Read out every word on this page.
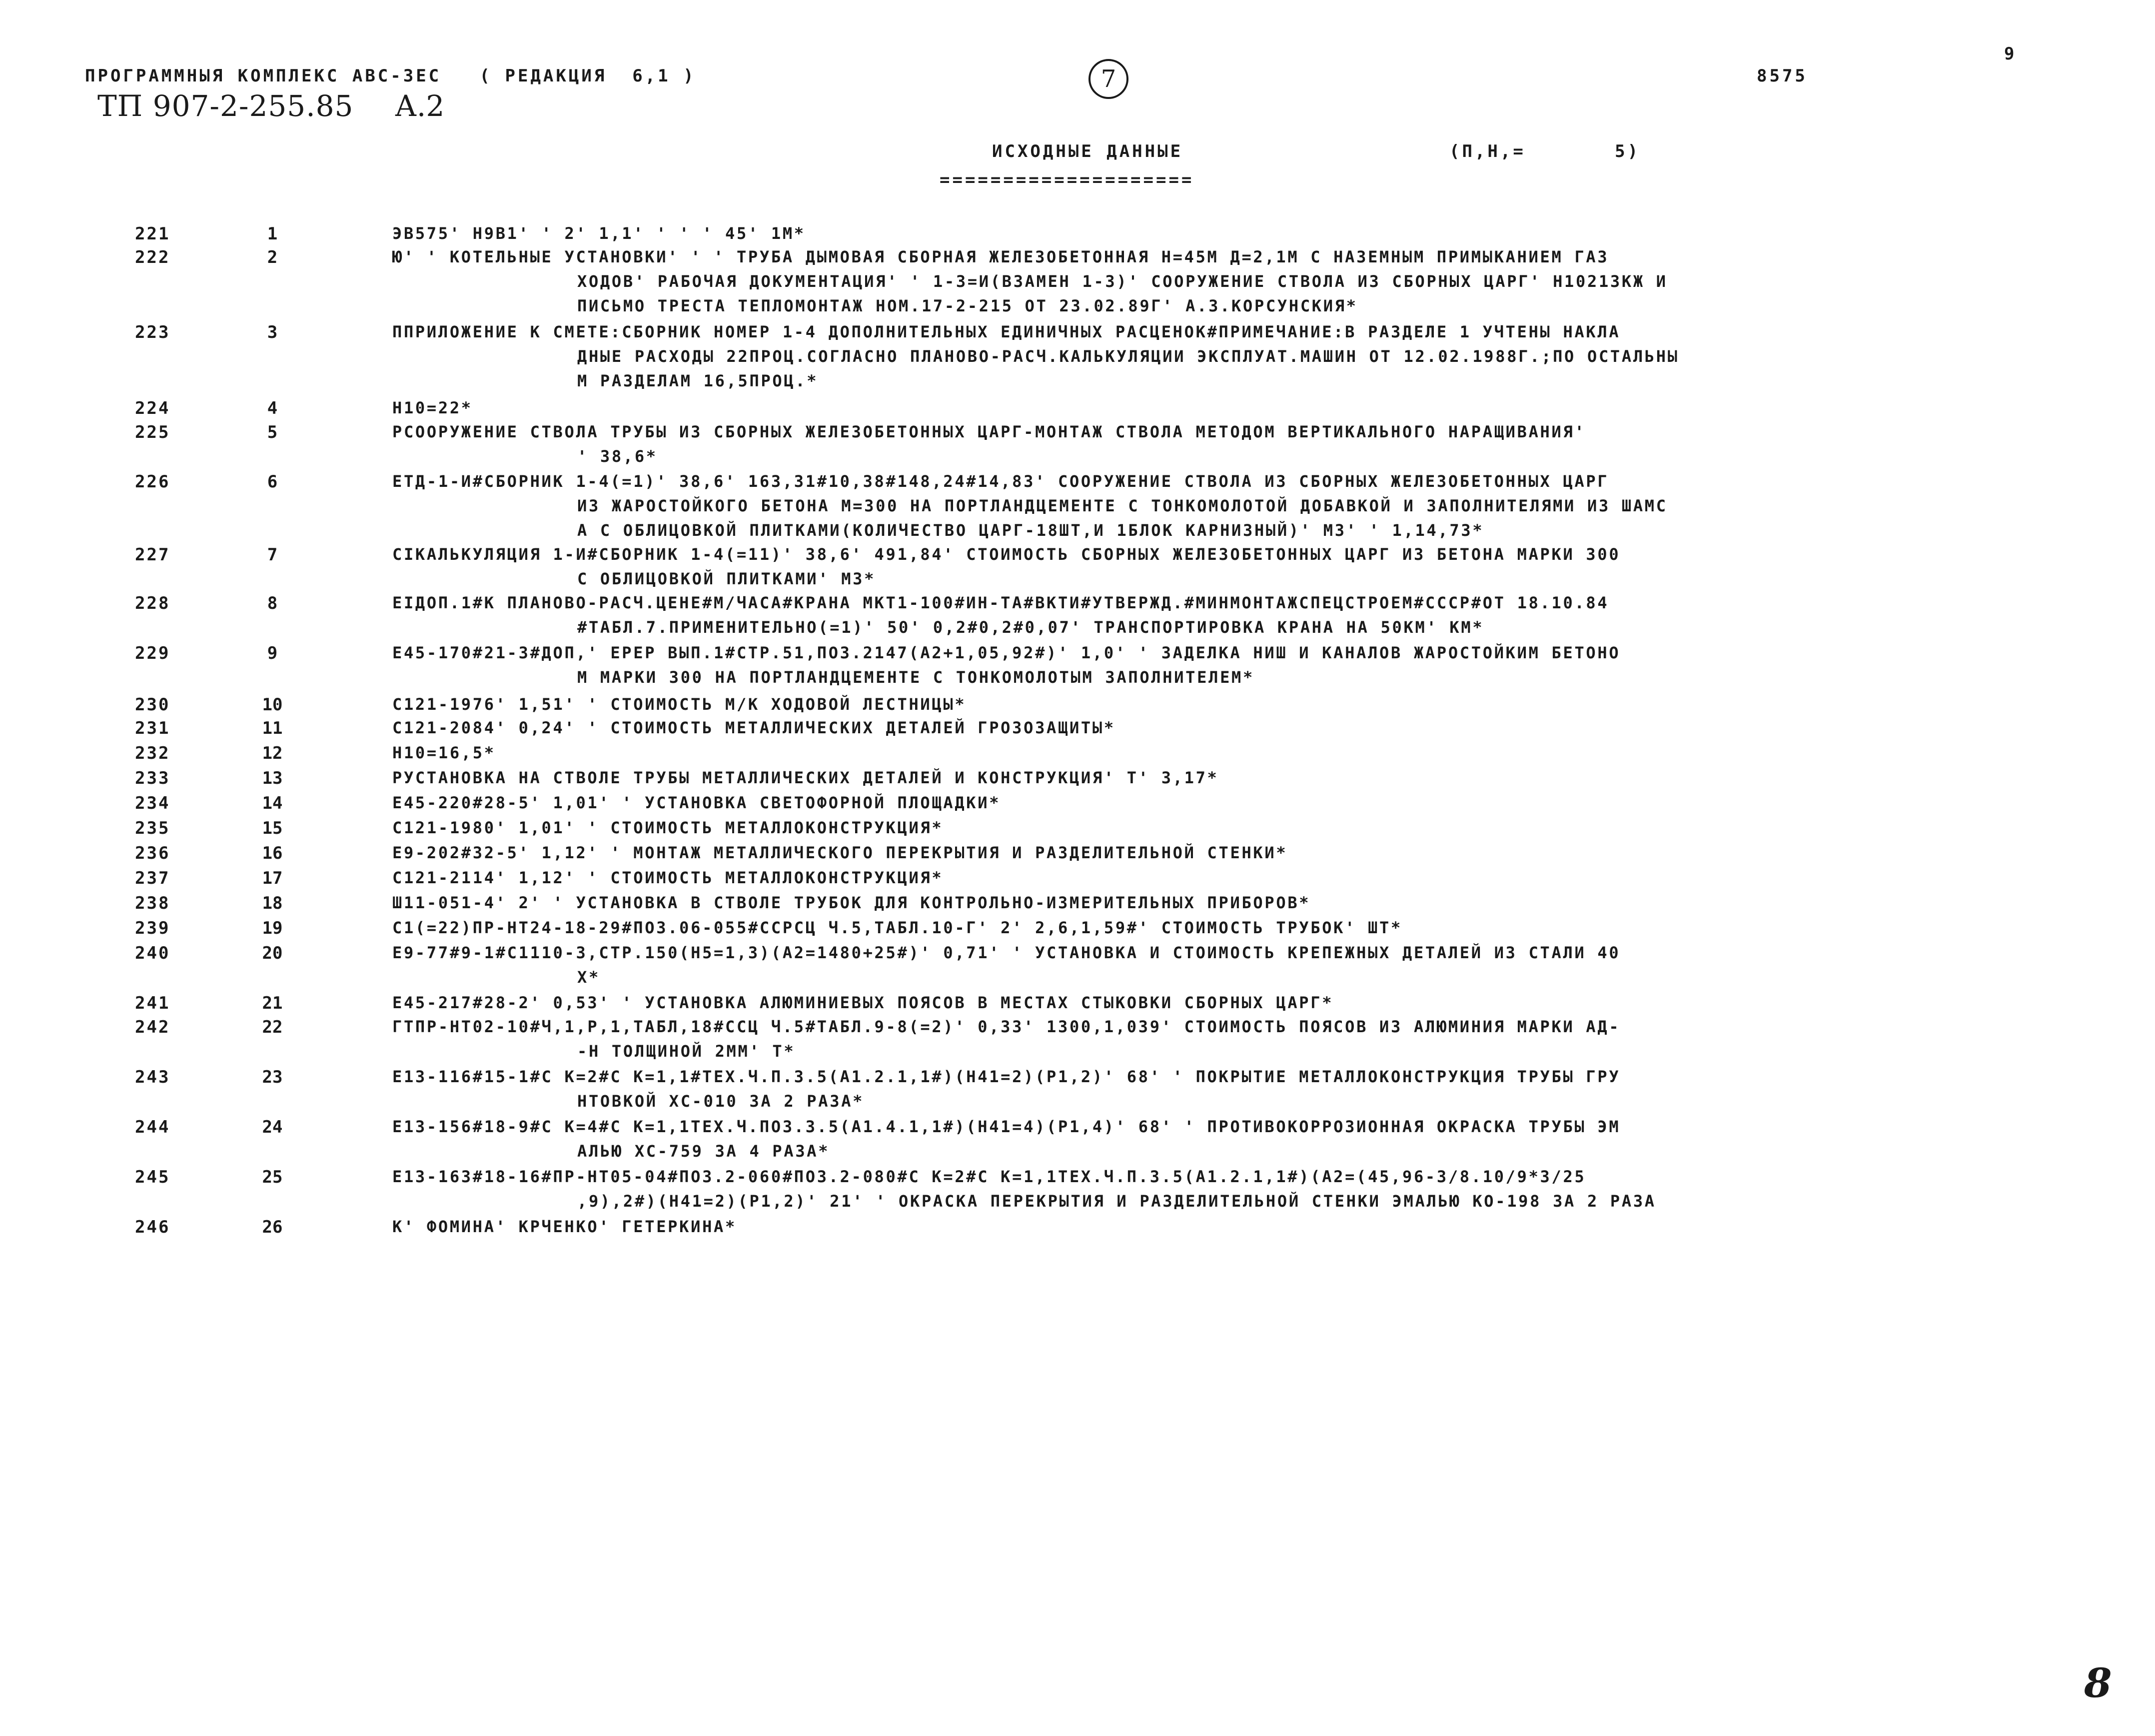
ПРОГРАММНЫЯ КОМПЛЕКС АВС-ЗЕС   ( РЕДАКЦИЯ  6,1 )
ТП 907-2-255.85 А.2
7	8575
9
ИСХОДНЫЕ ДАННЫЕ	(П,Н,=       5)
====================
221	1	ЭВ575' Н9В1' ' 2' 1,1' ' ' ' 45' 1М*
222	2	Ю' ' КОТЕЛЬНЫЕ УСТАНОВКИ' ' ' ТРУБА ДЫМОВАЯ СБОРНАЯ ЖЕЛЕЗОБЕТОННАЯ Н=45М Д=2,1М С НАЗЕМНЫМ ПРИМЫКАНИЕМ ГАЗ
ХОДОВ' РАБОЧАЯ ДОКУМЕНТАЦИЯ' ' 1-3=И(ВЗАМЕН 1-3)' СООРУЖЕНИЕ СТВОЛА ИЗ СБОРНЫХ ЦАРГ' Н10213КЖ И
ПИСЬМО ТРЕСТА ТЕПЛОМОНТАЖ НОМ.17-2-215 ОТ 23.02.89Г' А.З.КОРСУНСКИЯ*
223	3	ППРИЛОЖЕНИЕ К СМЕТЕ:СБОРНИК НОМЕР 1-4 ДОПОЛНИТЕЛЬНЫХ ЕДИНИЧНЫХ РАСЦЕНОК#ПРИМЕЧАНИЕ:В РАЗДЕЛЕ 1 УЧТЕНЫ НАКЛА
ДНЫЕ РАСХОДЫ 22ПРОЦ.СОГЛАСНО ПЛАНОВО-РАСЧ.КАЛЬКУЛЯЦИИ ЭКСПЛУАТ.МАШИН ОТ 12.02.1988Г.;ПО ОСТАЛЬНЫ
М РАЗДЕЛАМ 16,5ПРОЦ.*
224	4	Н10=22*
225	5	РСООРУЖЕНИЕ СТВОЛА ТРУБЫ ИЗ СБОРНЫХ ЖЕЛЕЗОБЕТОННЫХ ЦАРГ-МОНТАЖ СТВОЛА МЕТОДОМ ВЕРТИКАЛЬНОГО НАРАЩИВАНИЯ'
' 38,6*
226	6	ЕТД-1-И#СБОРНИК 1-4(=1)' 38,6' 163,31#10,38#148,24#14,83' СООРУЖЕНИЕ СТВОЛА ИЗ СБОРНЫХ ЖЕЛЕЗОБЕТОННЫХ ЦАРГ
ИЗ ЖАРОСТОЙКОГО БЕТОНА М=300 НА ПОРТЛАНДЦЕМЕНТЕ С ТОНКОМОЛОТОЙ ДОБАВКОЙ И ЗАПОЛНИТЕЛЯМИ ИЗ ШАМС
А С ОБЛИЦОВКОЙ ПЛИТКАМИ(КОЛИЧЕСТВО ЦАРГ-18ШТ,И 1БЛОК КАРНИЗНЫЙ)' М3' ' 1,14,73*
227	7	СIКАЛЬКУЛЯЦИЯ 1-И#СБОРНИК 1-4(=11)' 38,6' 491,84' СТОИМОСТЬ СБОРНЫХ ЖЕЛЕЗОБЕТОННЫХ ЦАРГ ИЗ БЕТОНА МАРКИ 300
С ОБЛИЦОВКОЙ ПЛИТКАМИ' М3*
228	8	ЕIДОП.1#К ПЛАНОВО-РАСЧ.ЦЕНЕ#М/ЧАСА#КРАНА МКТ1-100#ИН-ТА#ВКТИ#УТВЕРЖД.#МИНМОНТАЖСПЕЦСТРОЕМ#СССР#ОТ 18.10.84
#ТАБЛ.7.ПРИМЕНИТЕЛЬНО(=1)' 50' 0,2#0,2#0,07' ТРАНСПОРТИРОВКА КРАНА НА 50КМ' КМ*
229	9	Е45-170#21-3#ДОП,' ЕРЕР ВЫП.1#СТР.51,ПОЗ.2147(А2+1,05,92#)' 1,0' ' ЗАДЕЛКА НИШ И КАНАЛОВ ЖАРОСТОЙКИМ БЕТОНО
М МАРКИ 300 НА ПОРТЛАНДЦЕМЕНТЕ С ТОНКОМОЛОТЫМ ЗАПОЛНИТЕЛЕМ*
230	10	С121-1976' 1,51' ' СТОИМОСТЬ М/К ХОДОВОЙ ЛЕСТНИЦЫ*
231	11	С121-2084' 0,24' ' СТОИМОСТЬ МЕТАЛЛИЧЕСКИХ ДЕТАЛЕЙ ГРОЗОЗАЩИТЫ*
232	12	Н10=16,5*
233	13	РУСТАНОВКА НА СТВОЛЕ ТРУБЫ МЕТАЛЛИЧЕСКИХ ДЕТАЛЕЙ И КОНСТРУКЦИЯ' Т' 3,17*
234	14	Е45-220#28-5' 1,01' ' УСТАНОВКА СВЕТОФОРНОЙ ПЛОЩАДКИ*
235	15	С121-1980' 1,01' ' СТОИМОСТЬ МЕТАЛЛОКОНСТРУКЦИЯ*
236	16	Е9-202#32-5' 1,12' ' МОНТАЖ МЕТАЛЛИЧЕСКОГО ПЕРЕКРЫТИЯ И РАЗДЕЛИТЕЛЬНОЙ СТЕНКИ*
237	17	С121-2114' 1,12' ' СТОИМОСТЬ МЕТАЛЛОКОНСТРУКЦИЯ*
238	18	Ш11-051-4' 2' ' УСТАНОВКА В СТВОЛЕ ТРУБОК ДЛЯ КОНТРОЛЬНО-ИЗМЕРИТЕЛЬНЫХ ПРИБОРОВ*
239	19	С1(=22)ПР-НТ24-18-29#ПОЗ.06-055#ССРСЦ Ч.5,ТАБЛ.10-Г' 2' 2,6,1,59#' СТОИМОСТЬ ТРУБОК' ШТ*
240	20	Е9-77#9-1#С1110-3,СТР.150(Н5=1,3)(А2=1480+25#)' 0,71' ' УСТАНОВКА И СТОИМОСТЬ КРЕПЕЖНЫХ ДЕТАЛЕЙ ИЗ СТАЛИ 40
Х*
241	21	Е45-217#28-2' 0,53' ' УСТАНОВКА АЛЮМИНИЕВЫХ ПОЯСОВ В МЕСТАХ СТЫКОВКИ СБОРНЫХ ЦАРГ*
242	22	ГТПР-НТ02-10#Ч,1,Р,1,ТАБЛ,18#ССЦ Ч.5#ТАБЛ.9-8(=2)' 0,33' 1300,1,039' СТОИМОСТЬ ПОЯСОВ ИЗ АЛЮМИНИЯ МАРКИ АД-
-Н ТОЛЩИНОЙ 2ММ' Т*
243	23	Е13-116#15-1#С К=2#С К=1,1#ТЕХ.Ч.П.3.5(А1.2.1,1#)(Н41=2)(Р1,2)' 68' ' ПОКРЫТИЕ МЕТАЛЛОКОНСТРУКЦИЯ ТРУБЫ ГРУ
НТОВКОЙ ХС-010 ЗА 2 РАЗА*
244	24	Е13-156#18-9#С К=4#С К=1,1ТЕХ.Ч.ПОЗ.3.5(А1.4.1,1#)(Н41=4)(Р1,4)' 68' ' ПРОТИВОКОРРОЗИОННАЯ ОКРАСКА ТРУБЫ ЭМ
АЛЬЮ ХС-759 ЗА 4 РАЗА*
245	25	Е13-163#18-16#ПР-НТ05-04#ПОЗ.2-060#ПОЗ.2-080#С К=2#С К=1,1ТЕХ.Ч.П.3.5(А1.2.1,1#)(А2=(45,96-3/8.10/9*3/25
,9),2#)(Н41=2)(Р1,2)' 21' ' ОКРАСКА ПЕРЕКРЫТИЯ И РАЗДЕЛИТЕЛЬНОЙ СТЕНКИ ЭМАЛЬЮ КО-198 ЗА 2 РАЗА
246	26	К' ФОМИНА' КРЧЕНКО' ГЕТЕРКИНА*
8
